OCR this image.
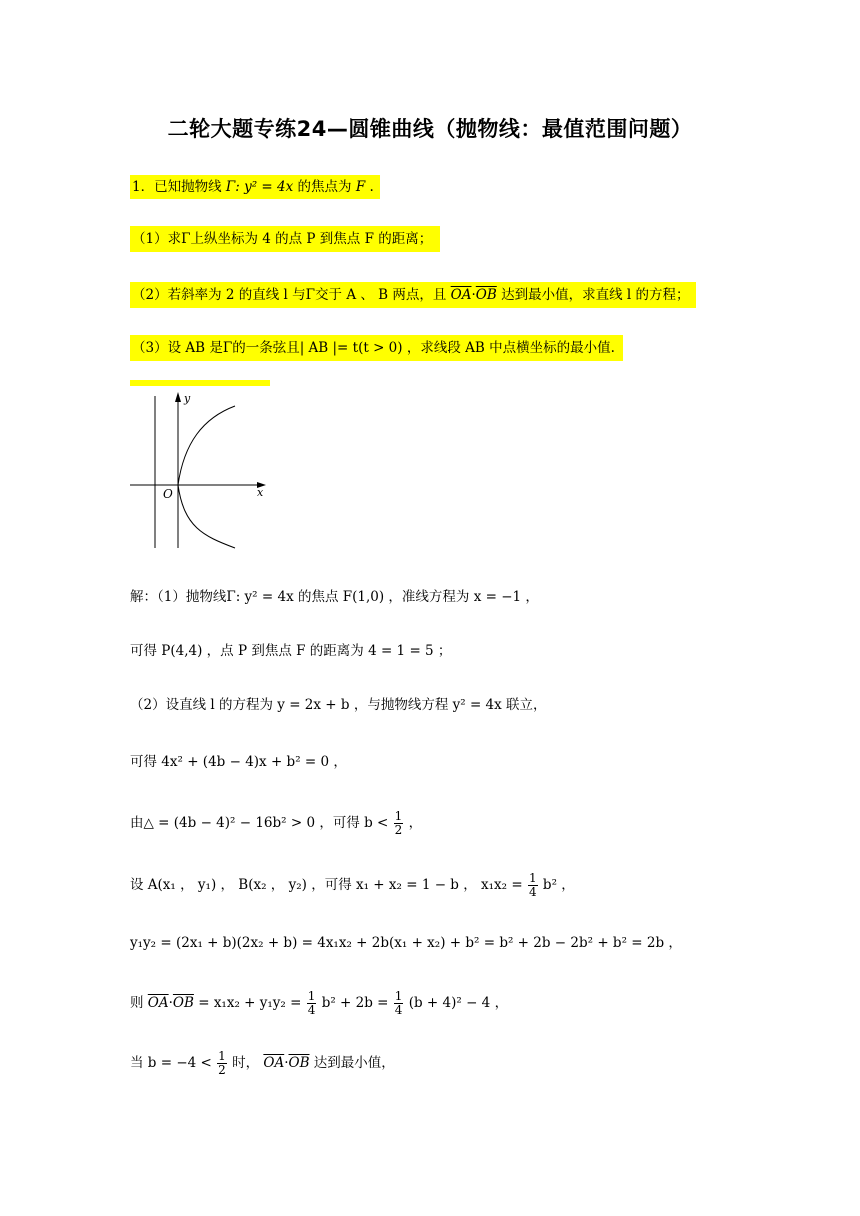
二轮大题专练24—圆锥曲线（抛物线：最值范围问题）
1．已知抛物线 Γ: y² = 4x 的焦点为 F .
（1）求Γ上纵坐标为 4 的点 P 到焦点 F 的距离；
（2）若斜率为 2 的直线 l 与Γ交于 A 、 B 两点，且 $\overline{OA}\cdot\overline{OB}$ 达到最小值，求直线 l 的方程；
（3）设 AB 是Γ的一条弦且| AB |= t(t > 0) ，求线段 AB 中点横坐标的最小值.
y
x
O
解：（1）抛物线Γ: y² = 4x 的焦点 F(1,0) ，准线方程为 x = −1 ，
可得 P(4,4) ，点 P 到焦点 F 的距离为 4 = 1 = 5 ；
（2）设直线 l 的方程为 y = 2x + b ，与抛物线方程 y² = 4x 联立，
可得 4x² + (4b − 4)x + b² = 0 ，
由△ = (4b − 4)² − 16b² > 0 ，可得 $b < \frac{1}{2}$ ，
设 A(x₁ ， y₁) ， B(x₂ ， y₂) ，可得 x₁ + x₂ = 1 − b ， $x_1x_2 = \frac{1}{4} b^2$ ，
y₁y₂ = (2x₁ + b)(2x₂ + b) = 4x₁x₂ + 2b(x₁ + x₂) + b² = b² + 2b − 2b² + b² = 2b ，
则 $\overline{OA}\cdot\overline{OB} = x_1x_2 + y_1y_2 = \frac{1}{4} b^2 + 2b = \frac{1}{4} (b + 4)^2 - 4$ ，
当 $b = -4 < \frac{1}{2}$ 时， $\overline{OA}\cdot\overline{OB}$ 达到最小值，
